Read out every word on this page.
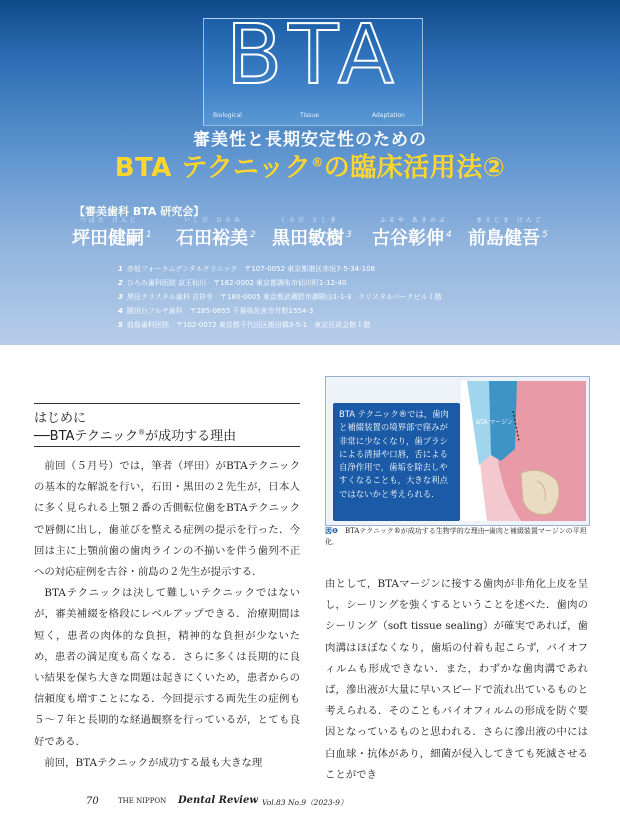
BTA
Biological	Tissue	Adaptation
審美性と長期安定性のための
BTA テクニック®の臨床活用法②
【審美歯科 BTA 研究会】
つぼた けんじ
坪田健嗣 $^1$
いしだ ひろみ
石田裕美 $^2$
くろだ としき
黒田敏樹 $^3$
ふるや あきのぶ
古谷彰伸 $^4$
まえじま けんご
前島健吾 $^5$
1 赤坂フォーラムデンタルクリニック　〒107-0052 東京都港区赤坂7-5-34-108
2 ひろみ歯科医院 京王仙川　〒182-0002 東京都調布市仙川町1-12-40
3 黒田クリスタル歯科 吉祥寺　〒180-0005 東京都武蔵野市御殿山1-1-3　クリスタルパークビル１階
4 勝田台フルヤ歯科　〒285-0855 千葉県佐倉市井野1554-3
5 前島歯科医院　〒102-0072 東京都千代田区飯田橋3-5-1　東京区政会館１階
はじめに
──BTAテクニック®が成功する理由

前回（５月号）では，筆者（坪田）がBTAテクニックの基本的な解説を行い，石田・黒田の２先生が，日本人に多く見られる上顎２番の舌側転位歯をBTAテクニックで唇側に出し，歯並びを整える症例の提示を行った．今回は主に上顎前歯の歯肉ラインの不揃いを伴う歯列不正への対応症例を古谷・前島の２先生が提示する．

BTAテクニックは決して難しいテクニックではないが，審美補綴を格段にレベルアップできる．治療期間は短く，患者の肉体的な負担，精神的な負担が少ないため，患者の満足度も高くなる．さらに多くは長期的に良い結果を保ち大きな問題は起きにくいため，患者からの信頼度も増すことになる．今回提示する両先生の症例も５～７年と長期的な経過観察を行っているが，とても良好である．

前回，BTAテクニックが成功する最も大きな理

BTA テクニック®では，歯肉と補綴装置の境界部で窪みが非常に少なくなり，歯ブラシによる清掃や口唇，舌による自浄作用で，歯垢を除去しやすくなることも，大きな利点ではないかと考えられる．
BTA マージン
図❶　 BTAテクニック®が成功する生物学的な理由─歯肉と補綴装置マージンの平坦化．

由として，BTAマージンに接する歯肉が非角化上皮を呈し，シーリングを強くするということを述べた．歯肉のシーリング（soft tissue sealing）が確実であれば，歯肉溝はほぼなくなり，歯垢の付着も起こらず，バイオフィルムも形成できない．また，わずかな歯肉溝であれば，滲出液が大量に早いスピードで流れ出ているものと考えられる．そのこともバイオフィルムの形成を防ぐ要因となっているものと思われる．さらに滲出液の中には白血球・抗体があり，細菌が侵入してきても死滅させることができ

70	THE NIPPON Dental Review Vol.83 No.9（2023-9）
